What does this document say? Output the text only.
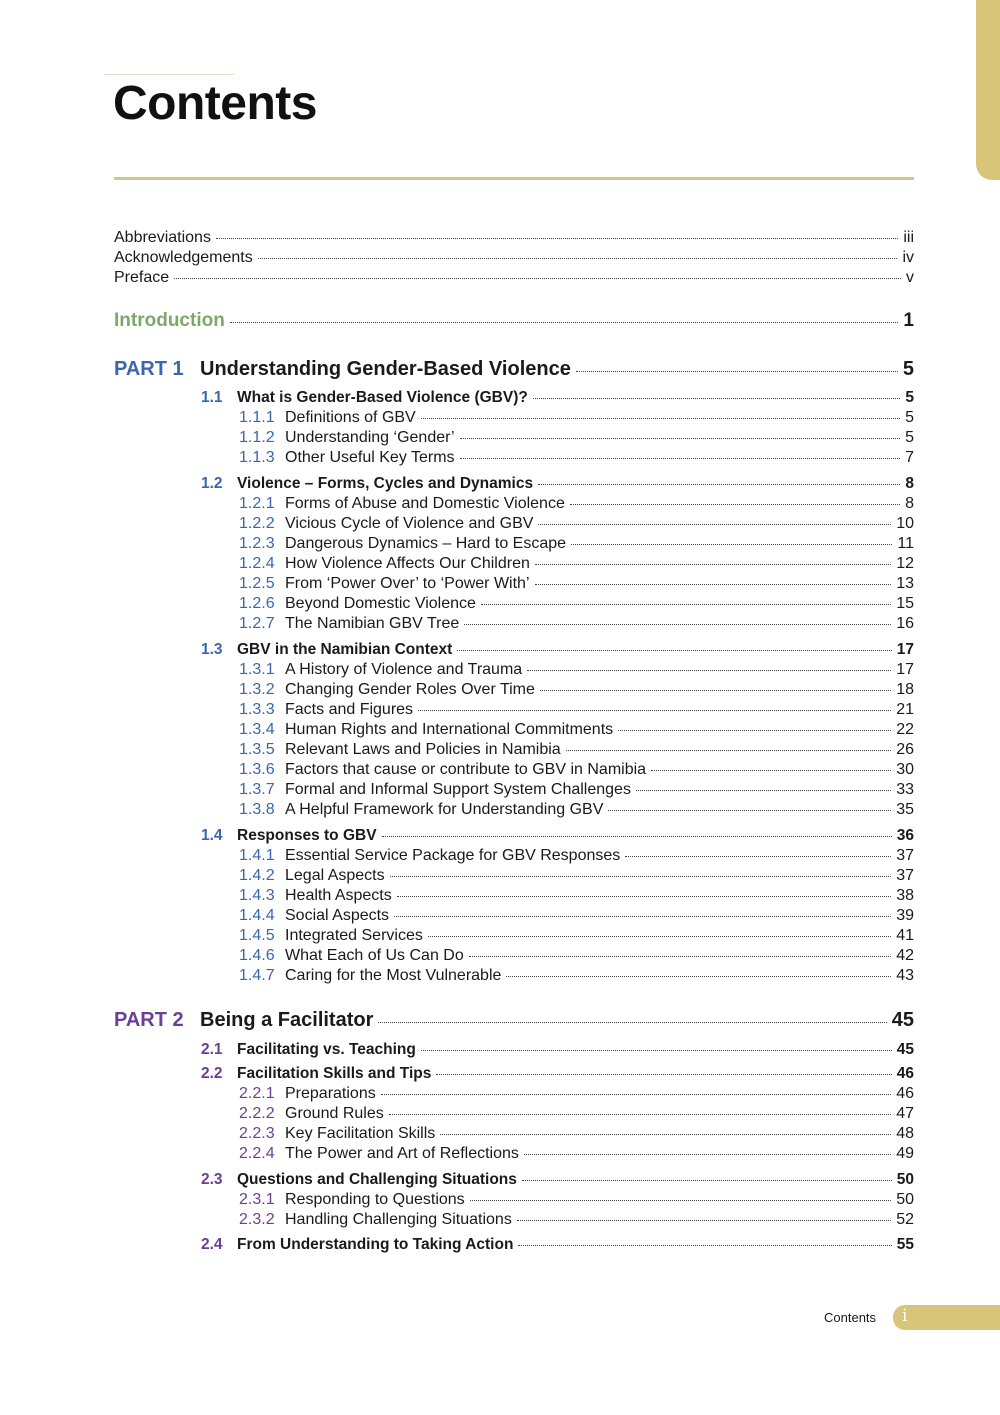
Contents
Abbreviations	iii
Acknowledgements	iv
Preface	v
Introduction	1
PART 1 Understanding Gender-Based Violence	5
1.1 What is Gender-Based Violence (GBV)?	5
1.1.1 Definitions of GBV	5
1.1.2 Understanding ‘Gender’	5
1.1.3 Other Useful Key Terms	7
1.2 Violence – Forms, Cycles and Dynamics	8
1.2.1 Forms of Abuse and Domestic Violence	8
1.2.2 Vicious Cycle of Violence and GBV	10
1.2.3 Dangerous Dynamics – Hard to Escape	11
1.2.4 How Violence Affects Our Children	12
1.2.5 From ‘Power Over’ to ‘Power With’	13
1.2.6 Beyond Domestic Violence	15
1.2.7 The Namibian GBV Tree	16
1.3 GBV in the Namibian Context	17
1.3.1 A History of Violence and Trauma	17
1.3.2 Changing Gender Roles Over Time	18
1.3.3 Facts and Figures	21
1.3.4 Human Rights and International Commitments	22
1.3.5 Relevant Laws and Policies in Namibia	26
1.3.6 Factors that cause or contribute to GBV in Namibia	30
1.3.7 Formal and Informal Support System Challenges	33
1.3.8 A Helpful Framework for Understanding GBV	35
1.4 Responses to GBV	36
1.4.1 Essential Service Package for GBV Responses	37
1.4.2 Legal Aspects	37
1.4.3 Health Aspects	38
1.4.4 Social Aspects	39
1.4.5 Integrated Services	41
1.4.6 What Each of Us Can Do	42
1.4.7 Caring for the Most Vulnerable	43
PART 2 Being a Facilitator	45
2.1 Facilitating vs. Teaching	45
2.2 Facilitation Skills and Tips	46
2.2.1 Preparations	46
2.2.2 Ground Rules	47
2.2.3 Key Facilitation Skills	48
2.2.4 The Power and Art of Reflections	49
2.3 Questions and Challenging Situations	50
2.3.1 Responding to Questions	50
2.3.2 Handling Challenging Situations	52
2.4 From Understanding to Taking Action	55
Contents i
